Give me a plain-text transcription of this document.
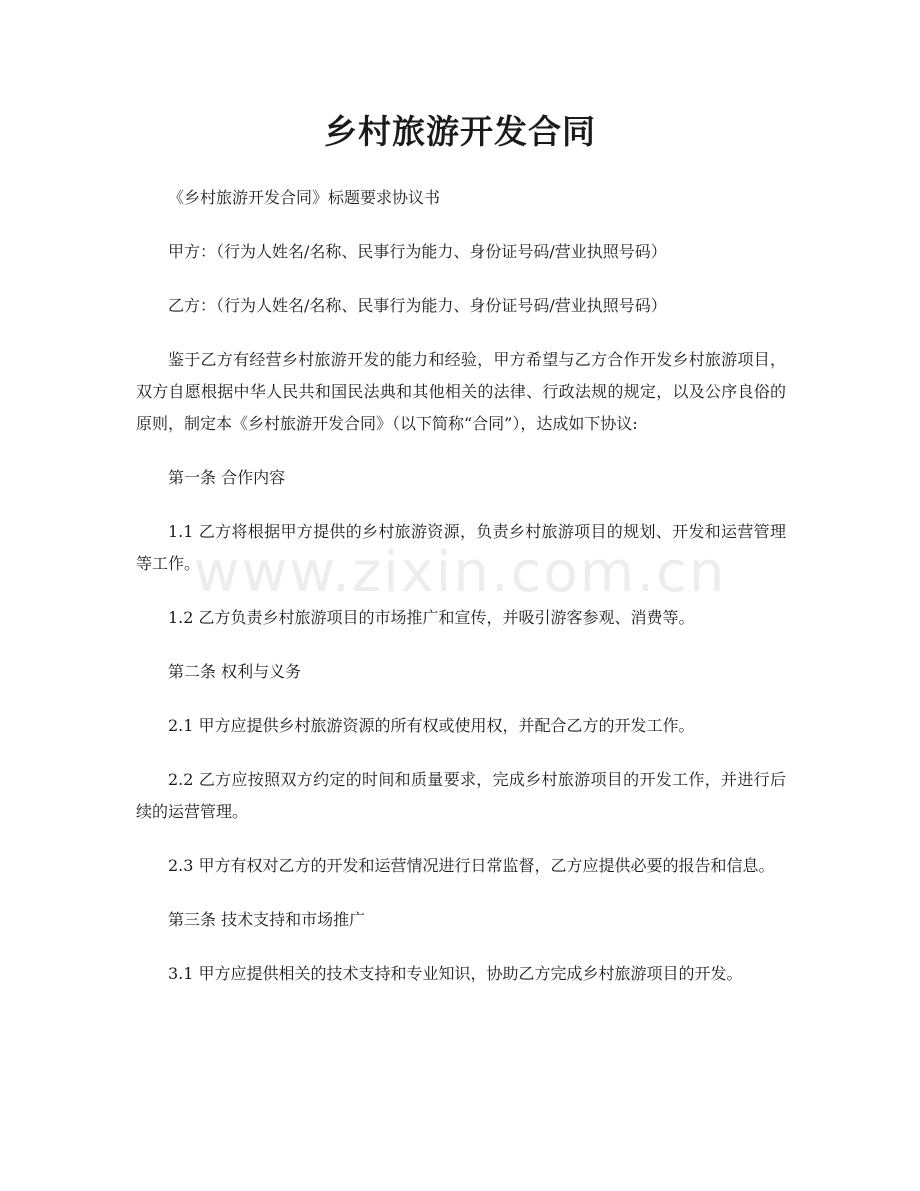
乡村旅游开发合同

《乡村旅游开发合同》标题要求协议书

甲方：（行为人姓名/名称、民事行为能力、身份证号码/营业执照号码）

乙方：（行为人姓名/名称、民事行为能力、身份证号码/营业执照号码）

鉴于乙方有经营乡村旅游开发的能力和经验，甲方希望与乙方合作开发乡村旅游项目，双方自愿根据中华人民共和国民法典和其他相关的法律、行政法规的规定，以及公序良俗的原则，制定本《乡村旅游开发合同》（以下简称“合同”），达成如下协议:

第一条 合作内容

1.1 乙方将根据甲方提供的乡村旅游资源，负责乡村旅游项目的规划、开发和运营管理等工作。

1.2 乙方负责乡村旅游项目的市场推广和宣传，并吸引游客参观、消费等。

第二条 权利与义务

2.1 甲方应提供乡村旅游资源的所有权或使用权，并配合乙方的开发工作。

2.2 乙方应按照双方约定的时间和质量要求，完成乡村旅游项目的开发工作，并进行后续的运营管理。

2.3 甲方有权对乙方的开发和运营情况进行日常监督，乙方应提供必要的报告和信息。

第三条 技术支持和市场推广

3.1 甲方应提供相关的技术支持和专业知识，协助乙方完成乡村旅游项目的开发。

www.zixin.com.cn
